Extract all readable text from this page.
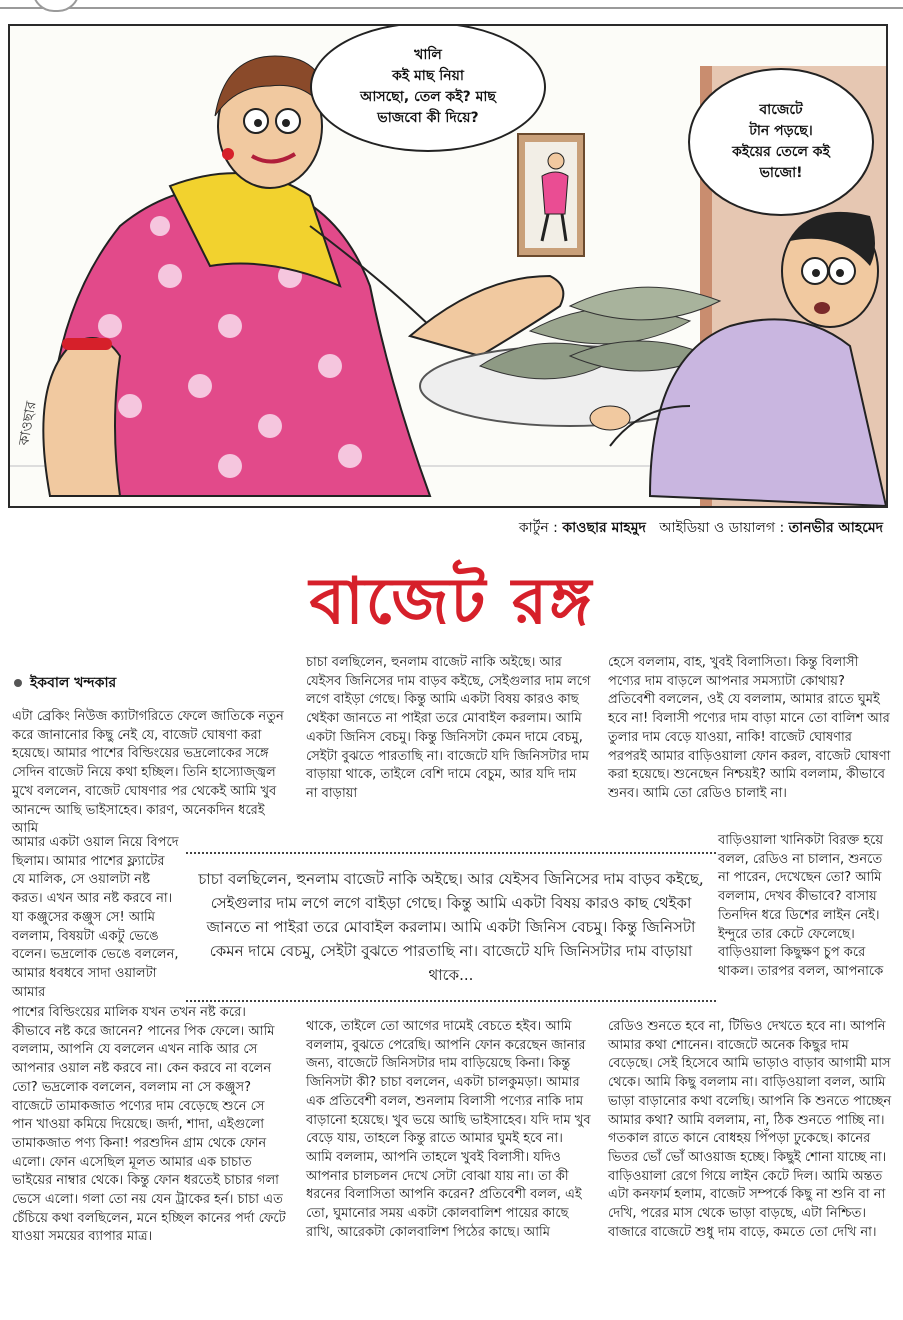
কাওছার
খালি
কই মাছ নিয়া
আসছো, তেল কই? মাছ
ভাজবো কী দিয়ে?	বাজেটে
টান পড়ছে।
কইয়ের তেলে কই
ভাজো!
কার্টুন : কাওছার মাহমুদ আইডিয়া ও ডায়ালগ : তানভীর আহমেদ
বাজেট রঙ্গ
ইকবাল খন্দকার

এটা ব্রেকিং নিউজ ক্যাটাগরিতে ফেলে জাতিকে নতুন করে জানানোর কিছু নেই যে, বাজেট ঘোষণা করা হয়েছে। আমার পাশের বিল্ডিংয়ের ভদ্রলোকের সঙ্গে সেদিন বাজেট নিয়ে কথা হচ্ছিল। তিনি হাস্যোজ্জ্বল মুখে বললেন, বাজেট ঘোষণার পর থেকেই আমি খুব আনন্দে আছি ভাইসাহেব। কারণ, অনেকদিন ধরেই আমি

আমার একটা ওয়াল নিয়ে বিপদে ছিলাম। আমার পাশের ফ্ল্যাটের যে মালিক, সে ওয়ালটা নষ্ট করত। এখন আর নষ্ট করবে না। যা কঞ্জুসের কঞ্জুস সে! আমি বললাম, বিষয়টা একটু ভেঙে বলেন। ভদ্রলোক ভেঙে বললেন, আমার ধবধবে সাদা ওয়ালটা আমার

পাশের বিল্ডিংয়ের মালিক যখন তখন নষ্ট করে। কীভাবে নষ্ট করে জানেন? পানের পিক ফেলে। আমি বললাম, আপনি যে বললেন এখন নাকি আর সে আপনার ওয়াল নষ্ট করবে না। কেন করবে না বলেন তো? ভদ্রলোক বললেন, বললাম না সে কঞ্জুস? বাজেটে তামাকজাত পণ্যের দাম বেড়েছে শুনে সে পান খাওয়া কমিয়ে দিয়েছে। জর্দা, শাদা, এইগুলো তামাকজাত পণ্য কিনা! পরশুদিন গ্রাম থেকে ফোন এলো। ফোন এসেছিল মূলত আমার এক চাচাত ভাইয়ের নাম্বার থেকে। কিন্তু ফোন ধরতেই চাচার গলা ভেসে এলো। গলা তো নয় যেন ট্রাকের হর্ন। চাচা এত চেঁচিয়ে কথা বলছিলেন, মনে হচ্ছিল কানের পর্দা ফেটে যাওয়া সময়ের ব্যাপার মাত্র।

চাচা বলছিলেন, হুনলাম বাজেট নাকি অইছে। আর যেইসব জিনিসের দাম বাড়ব কইছে, সেইগুলার দাম লগে লগে বাইড়া গেছে। কিন্তু আমি একটা বিষয় কারও কাছ থেইকা জানতে না পাইরা তরে মোবাইল করলাম। আমি একটা জিনিস বেচমু। কিন্তু জিনিসটা কেমন দামে বেচমু, সেইটা বুঝতে পারতাছি না। বাজেটে যদি জিনিসটার দাম বাড়ায়া থাকে, তাইলে বেশি দামে বেচুম, আর যদি দাম না বাড়ায়া

থাকে, তাইলে তো আগের দামেই বেচতে হইব। আমি বললাম, বুঝতে পেরেছি। আপনি ফোন করেছেন জানার জন্য, বাজেটে জিনিসটার দাম বাড়িয়েছে কিনা। কিন্তু জিনিসটা কী? চাচা বললেন, একটা চালকুমড়া। আমার এক প্রতিবেশী বলল, শুনলাম বিলাসী পণ্যের নাকি দাম বাড়ানো হয়েছে। খুব ভয়ে আছি ভাইসাহেব। যদি দাম খুব বেড়ে যায়, তাহলে কিন্তু রাতে আমার ঘুমই হবে না। আমি বললাম, আপনি তাহলে খুবই বিলাসী। যদিও আপনার চালচলন দেখে সেটা বোঝা যায় না। তা কী ধরনের বিলাসিতা আপনি করেন? প্রতিবেশী বলল, এই তো, ঘুমানোর সময় একটা কোলবালিশ পায়ের কাছে রাখি, আরেকটা কোলবালিশ পিঠের কাছে। আমি

হেসে বললাম, বাহ, খুবই বিলাসিতা। কিন্তু বিলাসী পণ্যের দাম বাড়লে আপনার সমস্যাটা কোথায়? প্রতিবেশী বললেন, ওই যে বললাম, আমার রাতে ঘুমই হবে না! বিলাসী পণ্যের দাম বাড়া মানে তো বালিশ আর তুলার দাম বেড়ে যাওয়া, নাকি! বাজেট ঘোষণার পরপরই আমার বাড়িওয়ালা ফোন করল, বাজেট ঘোষণা করা হয়েছে। শুনেছেন নিশ্চয়ই? আমি বললাম, কীভাবে শুনব। আমি তো রেডিও চালাই না।

বাড়িওয়ালা খানিকটা বিরক্ত হয়ে বলল, রেডিও না চালান, শুনতে না পারেন, দেখেছেন তো? আমি বললাম, দেখব কীভাবে? বাসায় তিনদিন ধরে ডিশের লাইন নেই। ইন্দুরে তার কেটে ফেলেছে। বাড়িওয়ালা কিছুক্ষণ চুপ করে থাকল। তারপর বলল, আপনাকে

রেডিও শুনতে হবে না, টিভিও দেখতে হবে না। আপনি আমার কথা শোনেন। বাজেটে অনেক কিছুর দাম বেড়েছে। সেই হিসেবে আমি ভাড়াও বাড়াব আগামী মাস থেকে। আমি কিছু বললাম না। বাড়িওয়ালা বলল, আমি ভাড়া বাড়ানোর কথা বলেছি। আপনি কি শুনতে পাচ্ছেন আমার কথা? আমি বললাম, না, ঠিক শুনতে পাচ্ছি না। গতকাল রাতে কানে বোধহয় পিঁপড়া ঢুকেছে। কানের ভিতর ভোঁ ভোঁ আওয়াজ হচ্ছে। কিছুই শোনা যাচ্ছে না। বাড়িওয়ালা রেগে গিয়ে লাইন কেটে দিল। আমি অন্তত এটা কনফার্ম হলাম, বাজেট সম্পর্কে কিছু না শুনি বা না দেখি, পরের মাস থেকে ভাড়া বাড়ছে, এটা নিশ্চিত। বাজারে বাজেটে শুধু দাম বাড়ে, কমতে তো দেখি না।

চাচা বলছিলেন, হুনলাম বাজেট নাকি অইছে। আর যেইসব জিনিসের দাম বাড়ব কইছে, সেইগুলার দাম লগে লগে বাইড়া গেছে। কিন্তু আমি একটা বিষয় কারও কাছ থেইকা জানতে না পাইরা তরে মোবাইল করলাম। আমি একটা জিনিস বেচমু। কিন্তু জিনিসটা কেমন দামে বেচমু, সেইটা বুঝতে পারতাছি না। বাজেটে যদি জিনিসটার দাম বাড়ায়া থাকে...
